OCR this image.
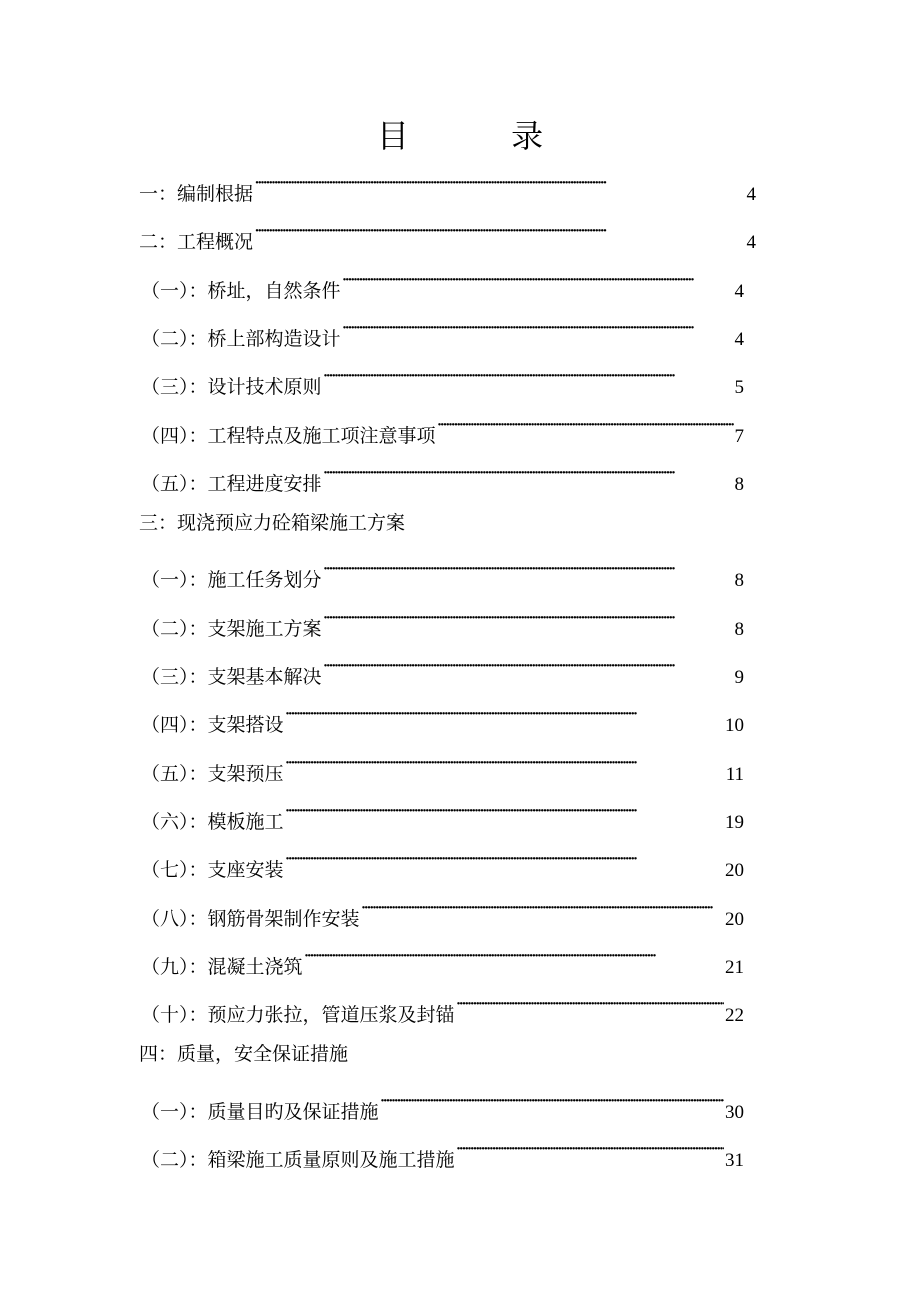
目 录
一：编制根据 ·····	4
二：工程概况 ·····	4
（一）：桥址，自然条件 ·····	4
（二）：桥上部构造设计 ·····	4
（三）：设计技术原则 ·····	5
（四）：工程特点及施工项注意事项 ·····	7
（五）：工程进度安排 ·····	8
三：现浇预应力砼箱梁施工方案
（一）：施工任务划分 ·····	8
（二）：支架施工方案 ·····	8
（三）：支架基本解决 ·····	9
（四）：支架搭设 ·····	10
（五）：支架预压 ·····	11
（六）：模板施工 ·····	19
（七）：支座安装 ·····	20
（八）：钢筋骨架制作安装 ·····	20
（九）：混凝土浇筑 ·····	21
（十）：预应力张拉，管道压浆及封锚 ·····	22
四：质量，安全保证措施
（一）：质量目旳及保证措施 ·····	30
（二）：箱梁施工质量原则及施工措施 ·····	31
